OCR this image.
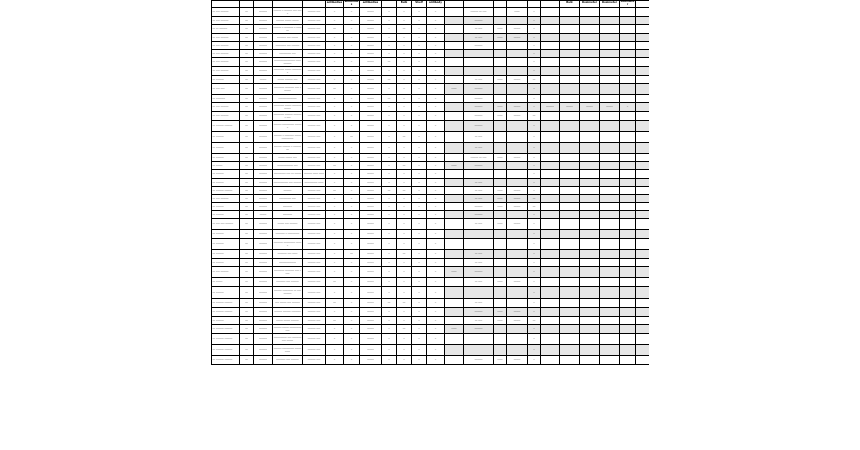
					antibodies	antibodies	antibodies		Bulk	Shelf	antibody							Bulk	Dosimeter	Dosimeter	Dosimeter	
__ ___ ______	__	______	______ _ ______ ___ ____	______ ___	_	_	_____	_	_	_	_		______ __ ___		____	_						
__ ___ ______	__	______	______ _____ _____	______ ___	_	_	_____	_	_	_	_		______			_						
__ __ ______	__	______	______ _ _______ _ ______	______ ___	__	_	_____	_	__	_	_		__ ___	____	_____	_						
__ ___ ______	__	______	_______ ___ _____	______ ___	_	_	_____	_	_	_	_		__ ___	____	_____	_						
__ ___ ______	__	______	________ ___ ______	______ ___	_	_	_____	_	_	_	_		______			_						
__ ___ ______	__	______	_________ ___	______ ___	_	_	_____	_	_	_	_					_						
__ ___ ______	__	______	________________ __________	______ ___	_	_	_____	__	_	_	_					_						
__ ___ ______	__	______	________ _____ ________	______ ___	_	_	_____	_	_	_	_					_						
__ ______	__	_____	_____ ______ ___	______ ___	_	_	_____	__	_	_	_		__ ___	____	_____	__						
__ ___ ___	__	______	________ _______ ___ ______	______ ___	__	_	_____	_	_	_	_	____	______			_						
__ _______	__	______	______________	______ ___	_	_	_____	__	_	_	_		______			_						
__ ___ ______	__	______	________ _____ ____________	______ ___	_	_	_____	_	_	_	_		______	____	_____	_	______	_____	_____	_____	_	
__ ___ ______	__	______	________ ______ _______ ___	______ ___	_	_	_____	_	_	_	_		______	____	_____	__						
__ ______ ______	__	______	______ _________ ______	______ ___	_	_	_____	_	_	_	_		______			_						
__ ______	__	______	______ _ _______ _____ _________	______ ___	_	__	_____	_	__	_	_		__ ___			_						
__ ______	__	______	______ ______ _ ______ __	______ ___	_	_	_____	_	_	_	_		__ ___			_						
__ ______	__	______	_____ _____ ___	______ ___	_	_	_____	_	_	_	_		______ __ ___	____	_____	_						
__ _____	__	______	____________ ___	______ ___	__	_	_____	_	__	_	_	____	______			_						
__ ______	__	______	_________ ___ __ _____	______ ____ ____	_	_	_____	_	_	_	_					_						
__ ______	__	______	___________ ___ ______	__________ ____	_	_	_____	_	_	_	_		__ ___			_						
__ ______ ______	__	______	______	______ ___	__	_	_____	__	__	_	_		__ ___	____	_____	_						
__ ___ ______	__	______	_________ ___	______ ___	_	_	_____	_	_	_	_		__ ___	____	_____	__						
__ ______	__	______	_______	______ ___	_	_	_____	_	_	_	_		______	____	_____	__						
__ ______	__	_____	_______	______ ___	_	_	_____	_	_	_	_		______			_						
__ ___ ___ ______	__	______	_____ ___ ______	______ ___	_	_	_____	_	_	_	_		__ ___	____	_____	_						
__ ______	__	______	_______ _ _________	______ ___	_	_	_____	_	_	_	_					_						
__ ______	__	______	_______ _________ _____	______ ___	_	_	_____	_	_	_	_					_						
__ ______	__	______	_______ ___ ____	______ ___	_	__	_____	_	__	_	_		__ ___			_						
__ ______	__	______	_____________	______ ___	_	_	_____	_	_	_	_		__ ___			_						
__ ___ ______	__	______	________ _______ ___ ____	______ ___	_	_	_____	_	_	_	_	____	______			_						
__ _____	__	______	_______ ___ ______	______ ___	__	_	_____	_	_	_	_		__ ___	____	_____	_						
__ ______	__	______	______ ________ __ _________	______ ___	_	_	_____	_	_	_	_					_						
__ ______ ______	__	______	___ _____ ___ ______	______ ___	__	_	_____	__	__	_	_		__ ___			_						
__ ______ ______	__	______	______ ______ _______	______ ___	_	_	_____	_	_	_	_		______	____	_____	_						
__ ______	__	______	_____ _____ ______	______ ___	__	_	_____	_	_	_	_		__ ___	____	_____	__						
__ ______ ______	__	______	______ _____ ____________	______ ___	_	_	_____	_	__	_	_	____	______			_						
__ ______ ______	__	______	__________ ___ _______ ___ _____	______ ___	_	_	_____	_	_	_	_					_						
__ ______ ______	__	______	______ _________ _________	______ ___	_	_	_____	_	_	_	_					_						
__ ______ ______	__	______	_______ ___ ______	______ ___	_	_	_____	_	_	_	_		______	____	_____	_						
